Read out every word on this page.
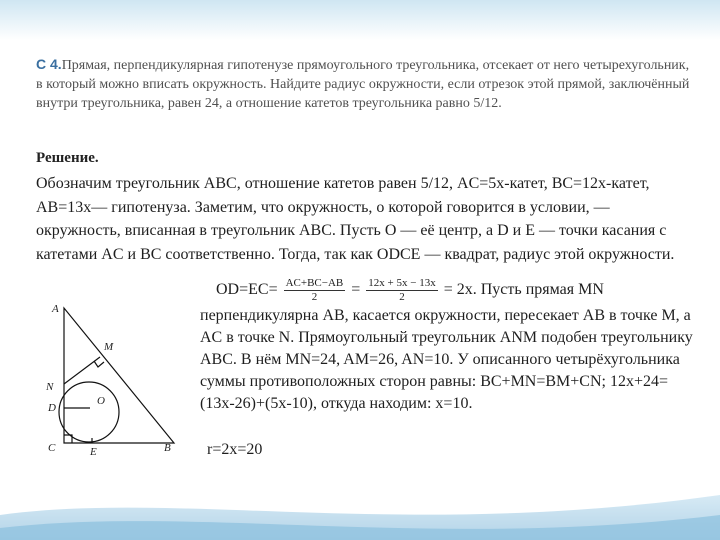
С 4.Прямая, перпендикулярная гипотенузе прямоугольного треугольника, отсекает от него четырехугольник, в который можно вписать окружность. Найдите радиус окружности, если отрезок этой прямой, заключённый внутри треугольника, равен 24, а отношение катетов треугольника равно 5/12.
Решение.
Обозначим треугольник ABC, отношение катетов равен 5/12, AC=5x-катет, BC=12x-катет, AB=13x— гипотенуза. Заметим, что окружность, о которой говорится в условии, — окружность, вписанная в треугольник ABC. Пусть O — её центр, а D и E — точки касания с катетами AC и BC соответственно. Тогда, так как ODCE — квадрат, радиус этой окружности.
$OD=EC= \frac{AC+BC-AB}{2} = \frac{12x + 5x - 13x}{2} = 2x$. Пусть прямая MN
перпендикулярна AB, касается окружности, пересекает AB в точке M, а AC в точке N. Прямоугольный треугольник ANM подобен треугольнику ABC. В нём MN=24, AM=26, AN=10. У описанного четырёхугольника суммы противоположных сторон равны: BC+MN=BM+CN; 12x+24=(13x-26)+(5x-10), откуда находим: x=10.
r=2x=20
A
M
N
D
O
C	E	B
